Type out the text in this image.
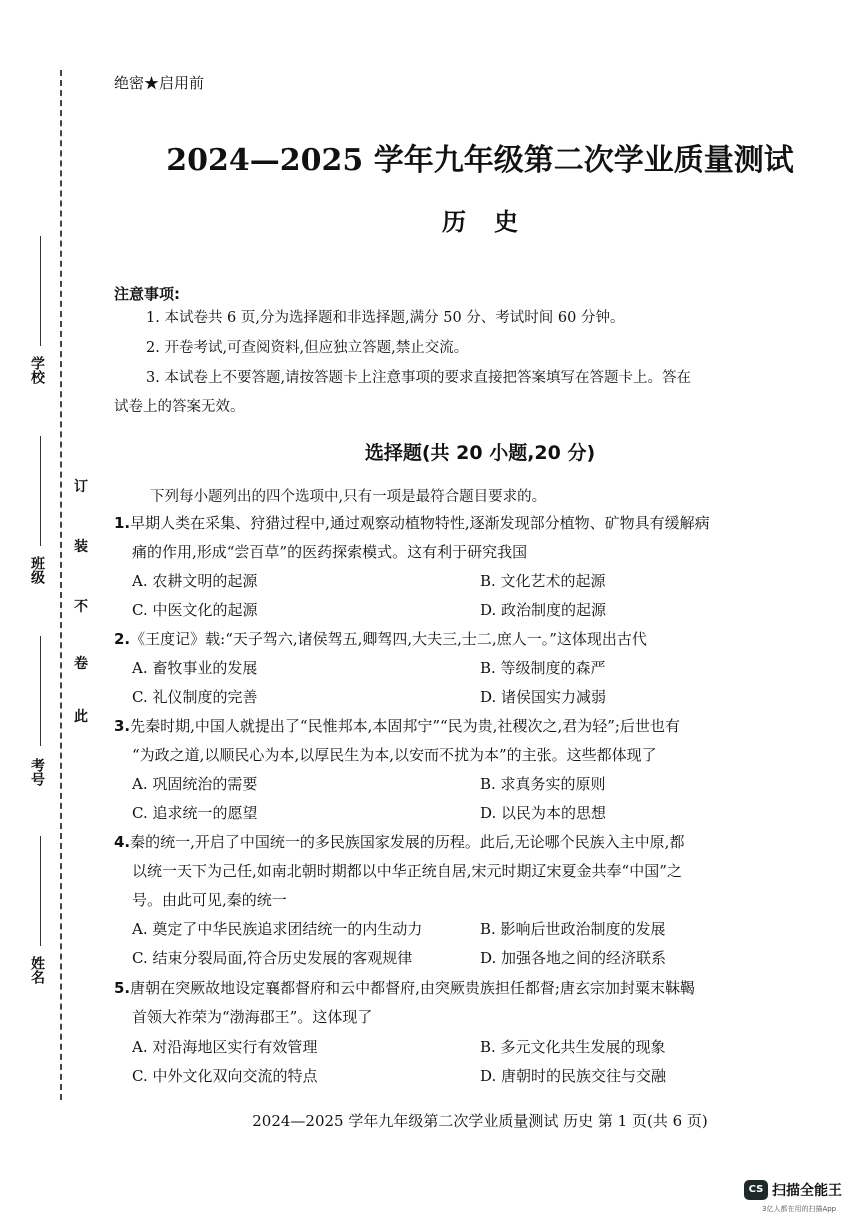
学校
班级
考号
姓名
订
装
不
卷
此
绝密★启用前
2024—2025 学年九年级第二次学业质量测试
历史
注意事项:
1. 本试卷共 6 页,分为选择题和非选择题,满分 50 分、考试时间 60 分钟。
2. 开卷考试,可查阅资料,但应独立答题,禁止交流。
3. 本试卷上不要答题,请按答题卡上注意事项的要求直接把答案填写在答题卡上。答在
试卷上的答案无效。
选择题(共 20 小题,20 分)
下列每小题列出的四个选项中,只有一项是最符合题目要求的。
1.早期人类在采集、狩猎过程中,通过观察动植物特性,逐渐发现部分植物、矿物具有缓解病
痛的作用,形成“尝百草”的医药探索模式。这有利于研究我国
A. 农耕文明的起源	B. 文化艺术的起源
C. 中医文化的起源	D. 政治制度的起源
2.《王度记》载:“天子驾六,诸侯驾五,卿驾四,大夫三,士二,庶人一。”这体现出古代
A. 畜牧事业的发展	B. 等级制度的森严
C. 礼仪制度的完善	D. 诸侯国实力减弱
3.先秦时期,中国人就提出了“民惟邦本,本固邦宁”“民为贵,社稷次之,君为轻”;后世也有
“为政之道,以顺民心为本,以厚民生为本,以安而不扰为本”的主张。这些都体现了
A. 巩固统治的需要	B. 求真务实的原则
C. 追求统一的愿望	D. 以民为本的思想
4.秦的统一,开启了中国统一的多民族国家发展的历程。此后,无论哪个民族入主中原,都
以统一天下为己任,如南北朝时期都以中华正统自居,宋元时期辽宋夏金共奉“中国”之
号。由此可见,秦的统一
A. 奠定了中华民族追求团结统一的内生动力	B. 影响后世政治制度的发展
C. 结束分裂局面,符合历史发展的客观规律	D. 加强各地之间的经济联系
5.唐朝在突厥故地设定襄都督府和云中都督府,由突厥贵族担任都督;唐玄宗加封粟末靺鞨
首领大祚荣为“渤海郡王”。这体现了
A. 对沿海地区实行有效管理	B. 多元文化共生发展的现象
C. 中外文化双向交流的特点	D. 唐朝时的民族交往与交融
2024—2025 学年九年级第二次学业质量测试 历史 第 1 页(共 6 页)
CS 扫描全能王
3亿人都在用的扫描App
